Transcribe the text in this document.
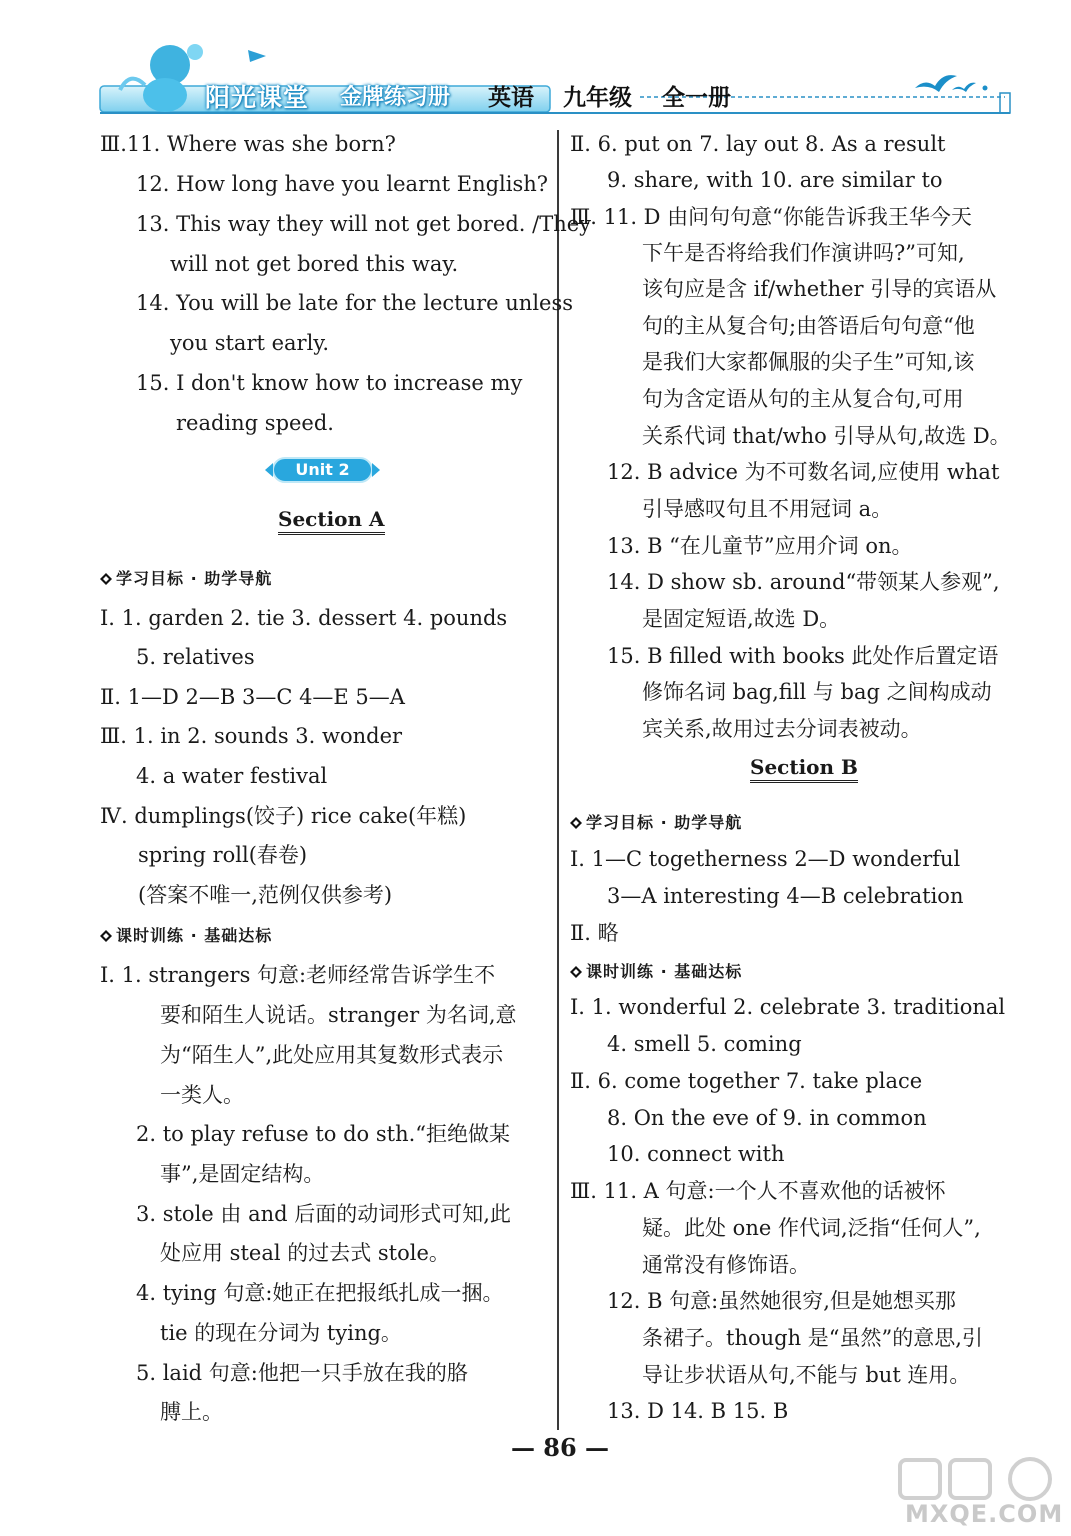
阳光课堂 金牌练习册 英语 九年级 全一册
Ⅲ.11. Where was she born?
12. How long have you learnt English?
13. This way they will not get bored. /They
will not get bored this way.
14. You will be late for the lecture unless
you start early.
15. I don't know how to increase my
reading speed.
Unit 2
Section A
学习目标 · 助学导航
Ⅰ. 1. garden 2. tie 3. dessert 4. pounds
5. relatives
Ⅱ. 1—D 2—B 3—C 4—E 5—A
Ⅲ. 1. in 2. sounds 3. wonder
4. a water festival
Ⅳ. dumplings(饺子) rice cake(年糕)
spring roll(春卷)
(答案不唯一,范例仅供参考)
课时训练 · 基础达标
Ⅰ. 1. strangers 句意:老师经常告诉学生不
要和陌生人说话。stranger 为名词,意
为“陌生人”,此处应用其复数形式表示
一类人。
2. to play refuse to do sth.“拒绝做某
事”,是固定结构。
3. stole 由 and 后面的动词形式可知,此
处应用 steal 的过去式 stole。
4. tying 句意:她正在把报纸扎成一捆。
tie 的现在分词为 tying。
5. laid 句意:他把一只手放在我的胳
膊上。
Ⅱ. 6. put on 7. lay out 8. As a result
9. share, with 10. are similar to
Ⅲ. 11. D 由问句句意“你能告诉我王华今天
下午是否将给我们作演讲吗?”可知,
该句应是含 if/whether 引导的宾语从
句的主从复合句;由答语后句句意“他
是我们大家都佩服的尖子生”可知,该
句为含定语从句的主从复合句,可用
关系代词 that/who 引导从句,故选 D。
12. B advice 为不可数名词,应使用 what
引导感叹句且不用冠词 a。
13. B “在儿童节”应用介词 on。
14. D show sb. around“带领某人参观”,
是固定短语,故选 D。
15. B filled with books 此处作后置定语
修饰名词 bag,fill 与 bag 之间构成动
宾关系,故用过去分词表被动。
Section B
学习目标 · 助学导航
Ⅰ. 1—C togetherness 2—D wonderful
3—A interesting 4—B celebration
Ⅱ. 略
课时训练 · 基础达标
Ⅰ. 1. wonderful 2. celebrate 3. traditional
4. smell 5. coming
Ⅱ. 6. come together 7. take place
8. On the eve of 9. in common
10. connect with
Ⅲ. 11. A 句意:一个人不喜欢他的话被怀
疑。此处 one 作代词,泛指“任何人”,
通常没有修饰语。
12. B 句意:虽然她很穷,但是她想买那
条裙子。though 是“虽然”的意思,引
导让步状语从句,不能与 but 连用。
13. D 14. B 15. B
— 86 —
MXQE.COM
